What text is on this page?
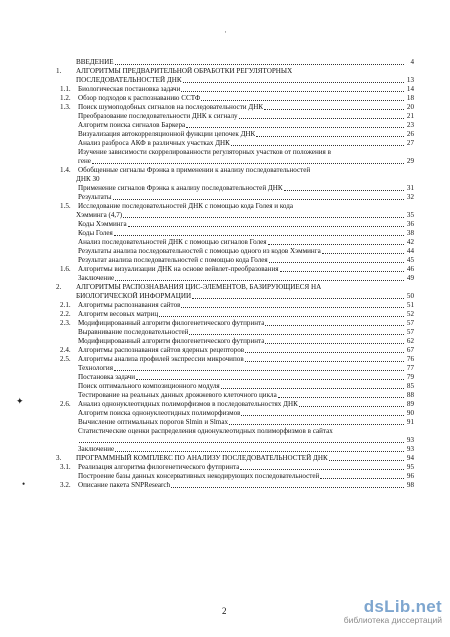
·
ВВЕДЕНИЕ	4
1.	АЛГОРИТМЫ ПРЕДВАРИТЕЛЬНОЙ ОБРАБОТКИ РЕГУЛЯТОРНЫХ
ПОСЛЕДОВАТЕЛЬНОСТЕЙ ДНК	13
1.1.	Биологическая постановка задачи	14
1.2.	Обзор подходов к распознаванию ССТФ	18
1.3.	Поиск шумоподобных сигналов на последовательности ДНК	20
Преобразование последовательности ДНК к сигналу	21
Алгоритм поиска сигналов Баркера	23
Визуализация автокорреляционной функции цепочек ДНК	26
Анализ разброса АКФ в различных участках ДНК	27
Изучение зависимости скоррелированности регуляторных участков от положения в
гене	29
1.4.	Обобщенные сигналы Фрэнка в применении к анализу последовательностей
ДНК 30
Применение сигналов Фрэнка к анализу последовательностей ДНК	31
Результаты	32
1.5.	Исследование последовательностей ДНК с помощью кода Голея и кода
Хэмминга (4,7)	35
Коды Хэмминга	36
Коды Голея	38
Анализ последовательностей ДНК с помощью сигналов Голея	42
Результаты анализа последовательностей с помощью одного из кодов Хэмминга	44
Результат анализа последовательностей с помощью кода Голея	45
1.6.	Алгоритмы визуализации ДНК на основе вейвлет-преобразования	46
Заключение	49
2.	АЛГОРИТМЫ РАСПОЗНАВАНИЯ ЦИС-ЭЛЕМЕНТОВ, БАЗИРУЮЩИЕСЯ НА
БИОЛОГИЧЕСКОЙ ИНФОРМАЦИИ	50
2.1.	Алгоритмы распознавания сайтов	51
2.2.	Алгоритм весовых матриц	52
2.3.	Модифицированный алгоритм филогенетического футпринта	57
Выравнивание последовательностей	57
Модифицированный алгоритм филогенетического футпринта	62
2.4.	Алгоритмы распознавания сайтов ядерных рецепторов	67
2.5.	Алгоритмы анализа профилей экспрессии микрочипов	76
Технология	77
Постановка задачи	79
Поиск оптимального композиционного модуля	85
Тестирование на реальных данных дрожжевого клеточного цикла	88
2.6.	Анализ однонуклеотидных полиморфизмов в последовательностях ДНК	89
Алгоритм поиска однонуклеотидных полиморфизмов	90
Вычисление оптимальных порогов Slmin и Slmax	91
Статистические оценки распределения однонуклеотидных полиморфизмов в сайтах
93
Заключение	93
3.	ПРОГРАММНЫЙ КОМПЛЕКС ПО АНАЛИЗУ ПОСЛЕДОВАТЕЛЬНОСТЕЙ ДНК	94
3.1.	Реализация алгоритма филогенетического футпринта	95
Построение базы данных консервативных некодирующих последовательностей	96
3.2.	Описание пакета SNPResearch	98
✦
•
2	dsLib.net
библиотека диссертаций
